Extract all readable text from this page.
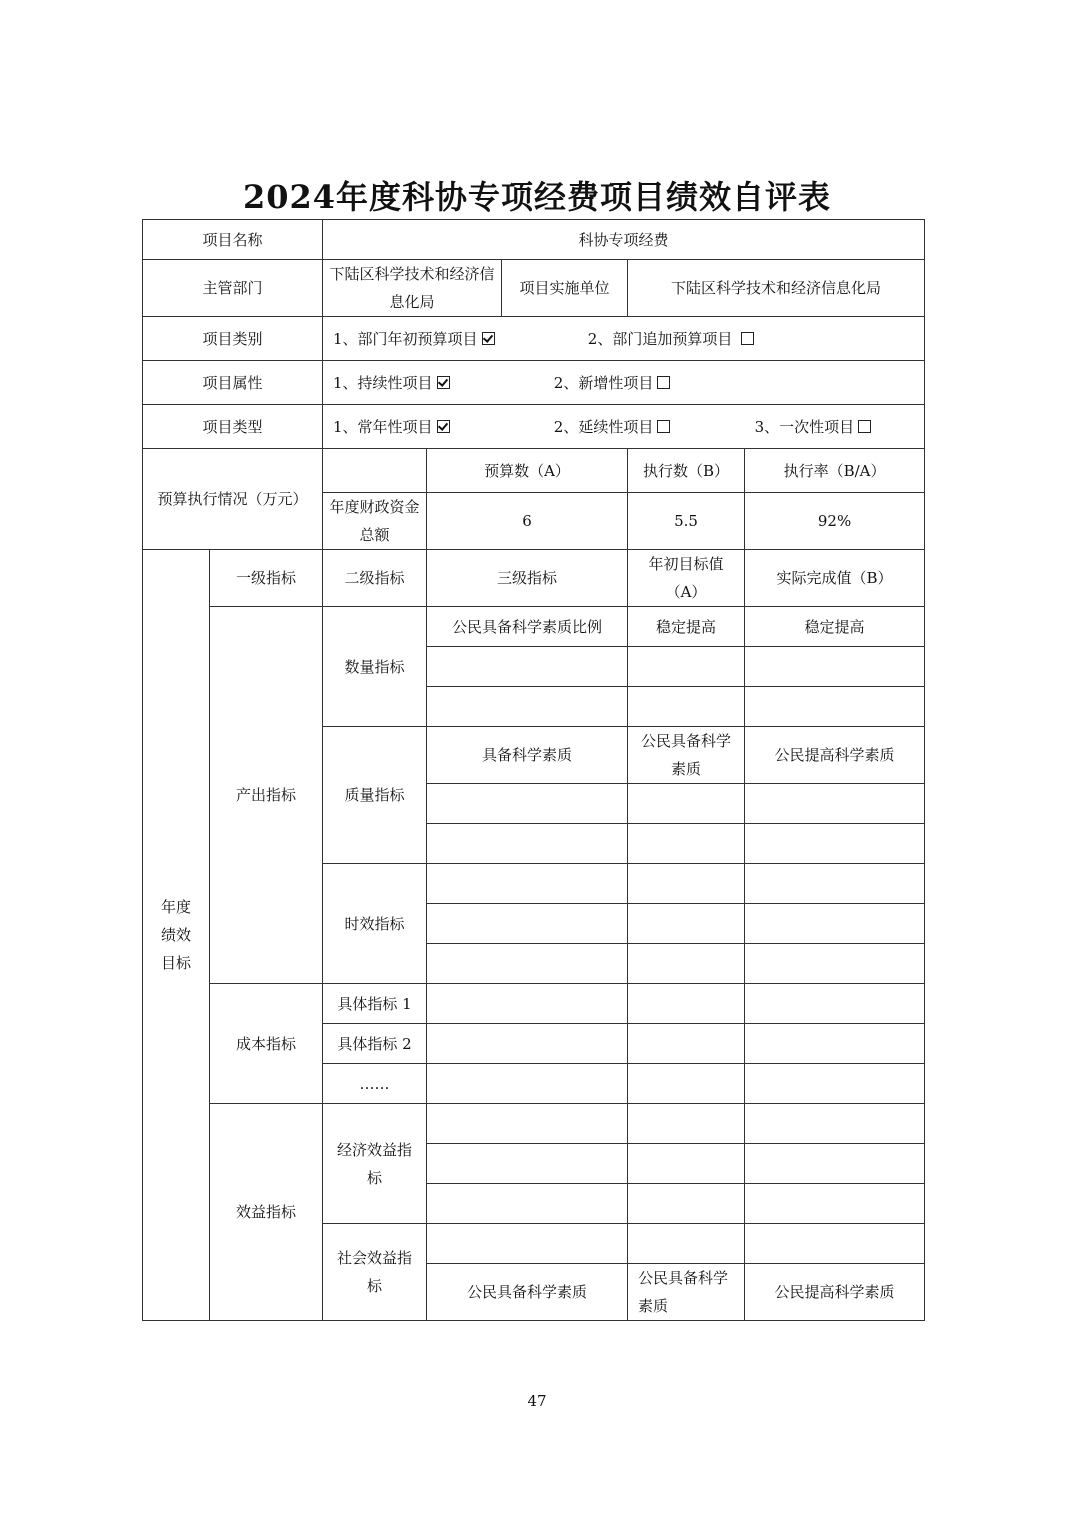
2024年度科协专项经费项目绩效自评表
项目名称		科协专项经费				
主管部门		下陆区科学技术和经济信息化局		项目实施单位	下陆区科学技术和经济信息化局	
项目类别		1、部门年初预算项目 2、部门追加预算项目				
项目属性		1、持续性项目 2、新增性项目				
项目类型		1、常年性项目 2、延续性项目 3、一次性项目				
预算执行情况（万元）			预算数（A）		执行数（B）	执行率（B/A）
		年度财政资金总额	6		5.5	92%
年度绩效目标	一级指标	二级指标	三级指标		年初目标值（A）	实际完成值（B）
	产出指标	数量指标	公民具备科学素质比例		稳定提高	稳定提高

		质量指标	具备科学素质		公民具备科学素质	公民提高科学素质

		时效指标				

	成本指标	具体指标 1				
		具体指标 2				
		……				
	效益指标	经济效益指标				

		社会效益指标				
			公民具备科学素质		公民具备科学素质	公民提高科学素质
47
